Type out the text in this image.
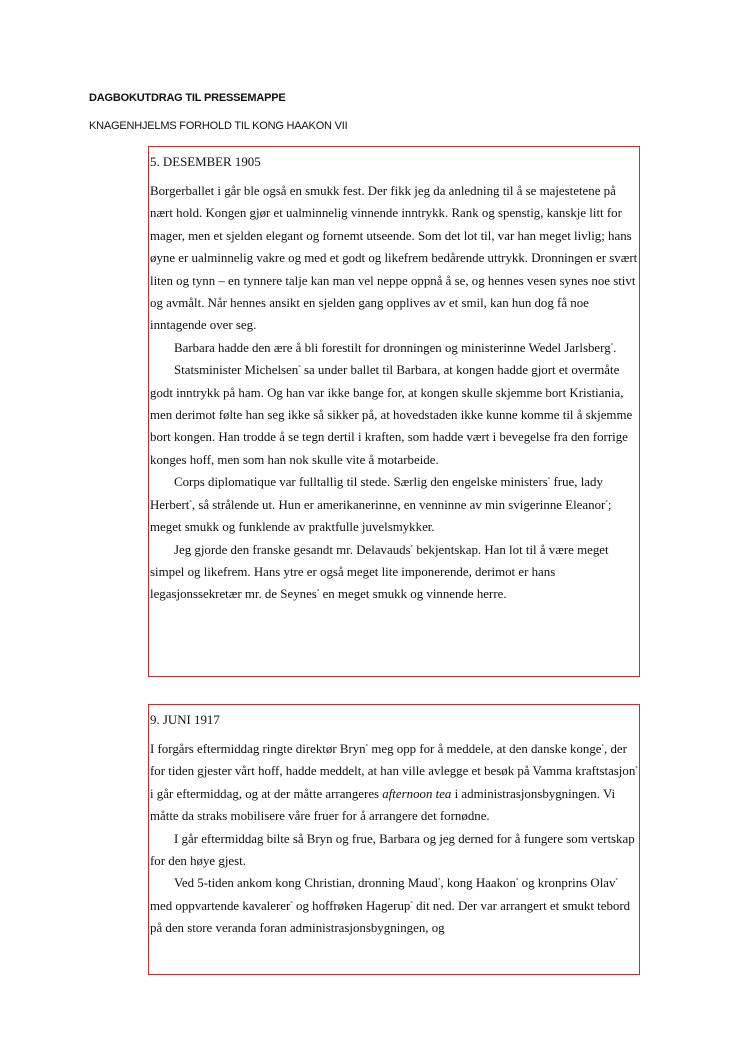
DAGBOKUTDRAG TIL PRESSEMAPPE
KNAGENHJELMS FORHOLD TIL KONG HAAKON VII
5. DESEMBER 1905

Borgerballet i går ble også en smukk fest. Der fikk jeg da anledning til å se majestetene på nært hold. Kongen gjør et ualminnelig vinnende inntrykk. Rank og spenstig, kanskje litt for mager, men et sjelden elegant og fornemt utseende. Som det lot til, var han meget livlig; hans øyne er ualminnelig vakre og med et godt og likefrem bedårende uttrykk. Dronningen er svært liten og tynn – en tynnere talje kan man vel neppe oppnå å se, og hennes vesen synes noe stivt og avmålt. Når hennes ansikt en sjelden gang opplives av et smil, kan hun dog få noe inntagende over seg.

Barbara hadde den ære å bli forestilt for dronningen og ministerinne Wedel Jarlsberg*.

Statsminister Michelsen* sa under ballet til Barbara, at kongen hadde gjort et overmåte godt inntrykk på ham. Og han var ikke bange for, at kongen skulle skjemme bort Kristiania, men derimot følte han seg ikke så sikker på, at hovedstaden ikke kunne komme til å skjemme bort kongen. Han trodde å se tegn dertil i kraften, som hadde vært i bevegelse fra den forrige konges hoff, men som han nok skulle vite å motarbeide.

Corps diplomatique var fulltallig til stede. Særlig den engelske ministers* frue, lady Herbert*, så strålende ut. Hun er amerikanerinne, en venninne av min svigerinne Eleanor*; meget smukk og funklende av praktfulle juvelsmykker.

Jeg gjorde den franske gesandt mr. Delavauds* bekjentskap. Han lot til å være meget simpel og likefrem. Hans ytre er også meget lite imponerende, derimot er hans legasjonssekretær mr. de Seynes* en meget smukk og vinnende herre.

9. JUNI 1917

I forgårs eftermiddag ringte direktør Bryn* meg opp for å meddele, at den danske konge*, der for tiden gjester vårt hoff, hadde meddelt, at han ville avlegge et besøk på Vamma kraftstasjon* i går eftermiddag, og at der måtte arrangeres afternoon tea i administrasjonsbygningen. Vi måtte da straks mobilisere våre fruer for å arrangere det fornødne.

I går eftermiddag bilte så Bryn og frue, Barbara og jeg derned for å fungere som vertskap for den høye gjest.

Ved 5-tiden ankom kong Christian, dronning Maud*, kong Haakon* og kronprins Olav* med oppvartende kavalerer* og hoffrøken Hagerup* dit ned. Der var arrangert et smukt tebord på den store veranda foran administrasjonsbygningen, og
